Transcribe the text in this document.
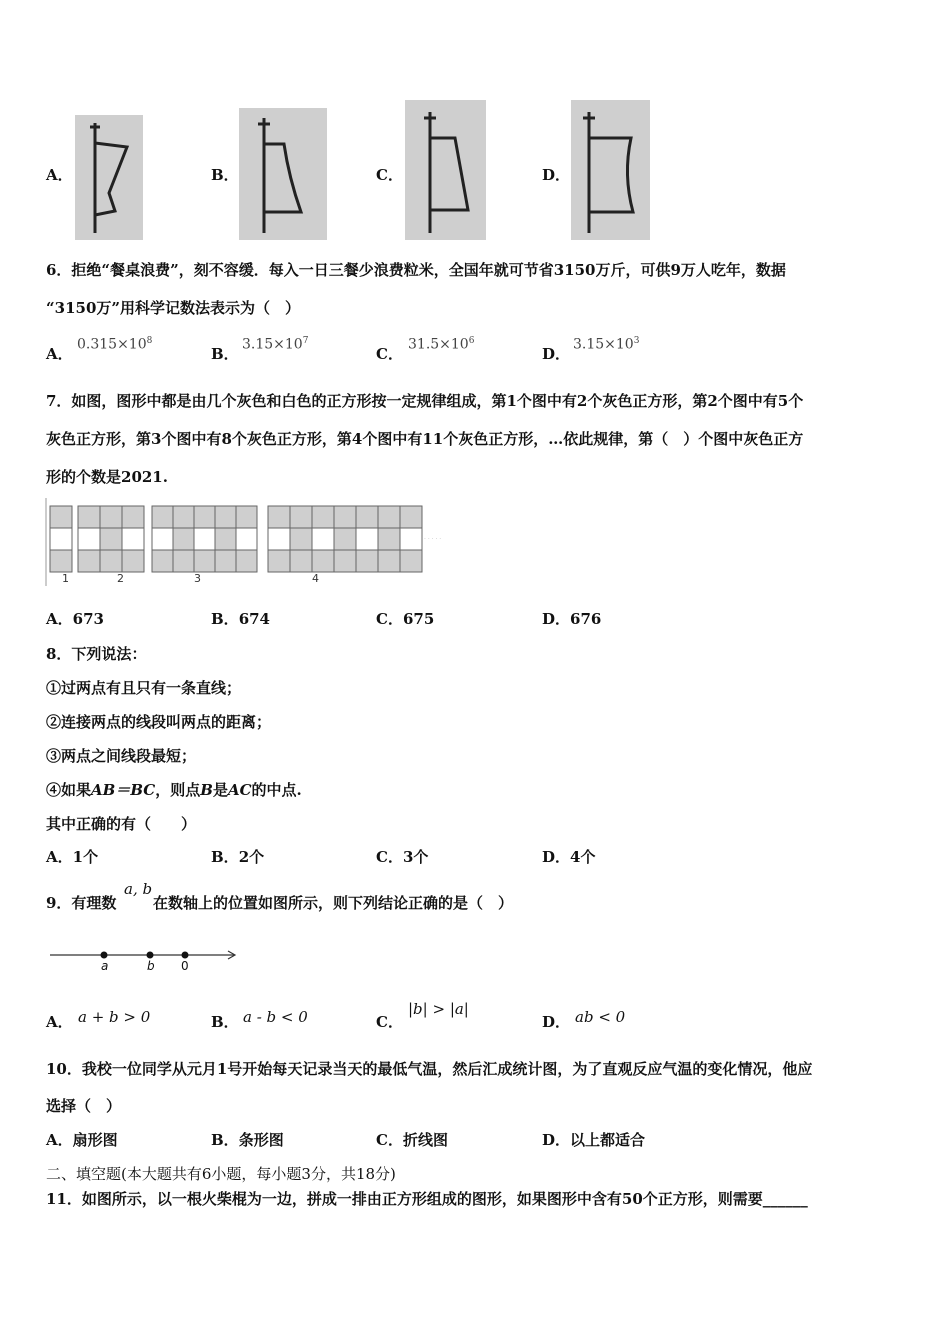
A．	B．	C．	D．
6．拒绝“餐桌浪费”，刻不容缓．每入一日三餐少浪费粒米，全国年就可节省3150万斤，可供9万人吃年，数据
“3150万”用科学记数法表示为（　）
A．
$0.315\times 10^8$
B．
$3.15\times 10^7$
C．
$31.5\times 10^6$
D．
$3.15\times 10^3$
7．如图，图形中都是由几个灰色和白色的正方形按一定规律组成，第1个图中有2个灰色正方形，第2个图中有5个
灰色正方形，第3个图中有8个灰色正方形，第4个图中有11个灰色正方形，…依此规律，第（　）个图中灰色正方
形的个数是2021.
· · · · ·
1	2	3	4
A．673	B．674	C．675	D．676
8．下列说法：
①过两点有且只有一条直线；
②连接两点的线段叫两点的距离；
③两点之间线段最短；
④如果AB＝BC，则点B是AC的中点.
其中正确的有（　　）
A．1个	B．2个	C．3个	D．4个
9．有理数
a, b
在数轴上的位置如图所示，则下列结论正确的是（　）
a	b 0
A． a + b > 0	B． a - b < 0	C．
|b| > |a|
D． ab < 0
10．我校一位同学从元月1号开始每天记录当天的最低气温，然后汇成统计图，为了直观反应气温的变化情况，他应
选择（　）
A．扇形图	B．条形图	C．折线图	D．以上都适合
二、填空题(本大题共有6小题，每小题3分，共18分)
11．如图所示，以一根火柴棍为一边，拼成一排由正方形组成的图形，如果图形中含有50个正方形，则需要______
